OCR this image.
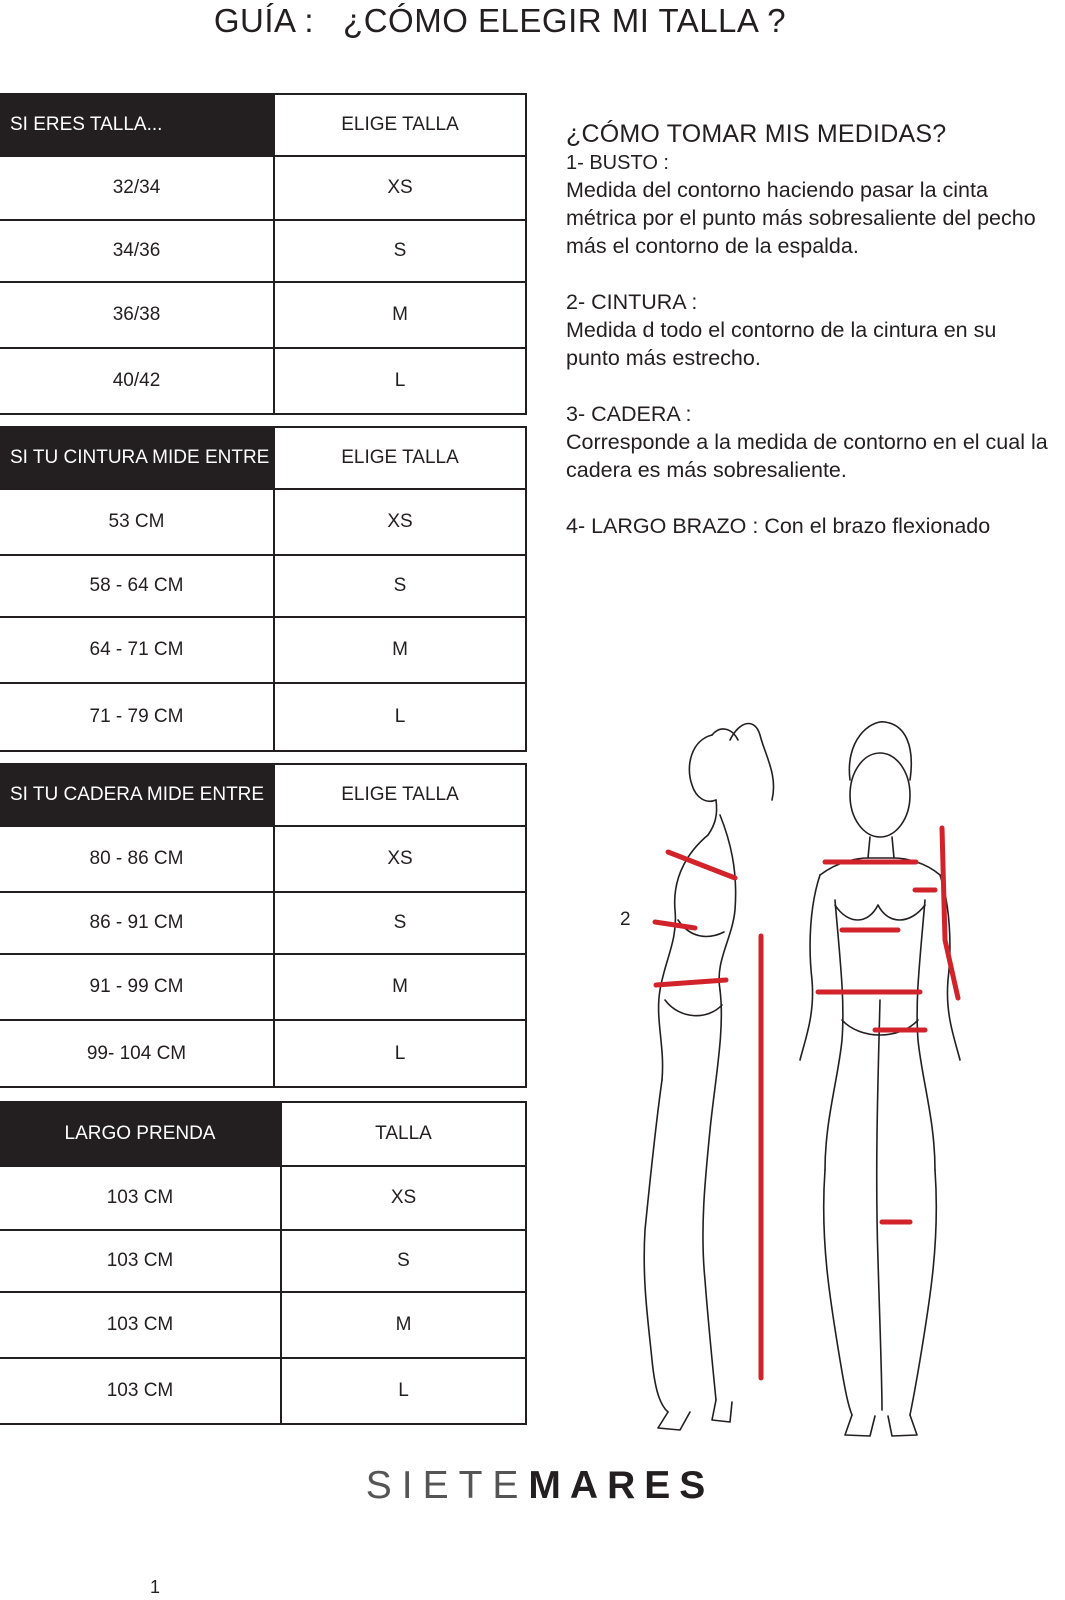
GUÍA :   ¿CÓMO ELEGIR MI TALLA ?
SI ERES TALLA...	ELIGE TALLA
32/34	XS
34/36	S
36/38	M
40/42	L
SI TU CINTURA MIDE ENTRE	ELIGE TALLA
53 CM	XS
58 - 64 CM	S
64 - 71 CM	M
71 - 79 CM	L
SI TU CADERA MIDE ENTRE	ELIGE TALLA
80 - 86 CM	XS
86 - 91 CM	S
91 - 99 CM	M
99- 104 CM	L
LARGO PRENDA	TALLA
103 CM	XS
103 CM	S
103 CM	M
103 CM	L

¿CÓMO TOMAR MIS MEDIDAS?

1- BUSTO :

Medida del contorno haciendo pasar la cinta métrica por el punto más sobresaliente del pecho más el contorno de la espalda.

2- CINTURA :

Medida d todo el contorno de la cintura en su punto más estrecho.

3- CADERA :

Corresponde a la medida de contorno en el cual la cadera es más sobresaliente.

4- LARGO BRAZO : Con el brazo flexionado

2
SIETEMARES
1
